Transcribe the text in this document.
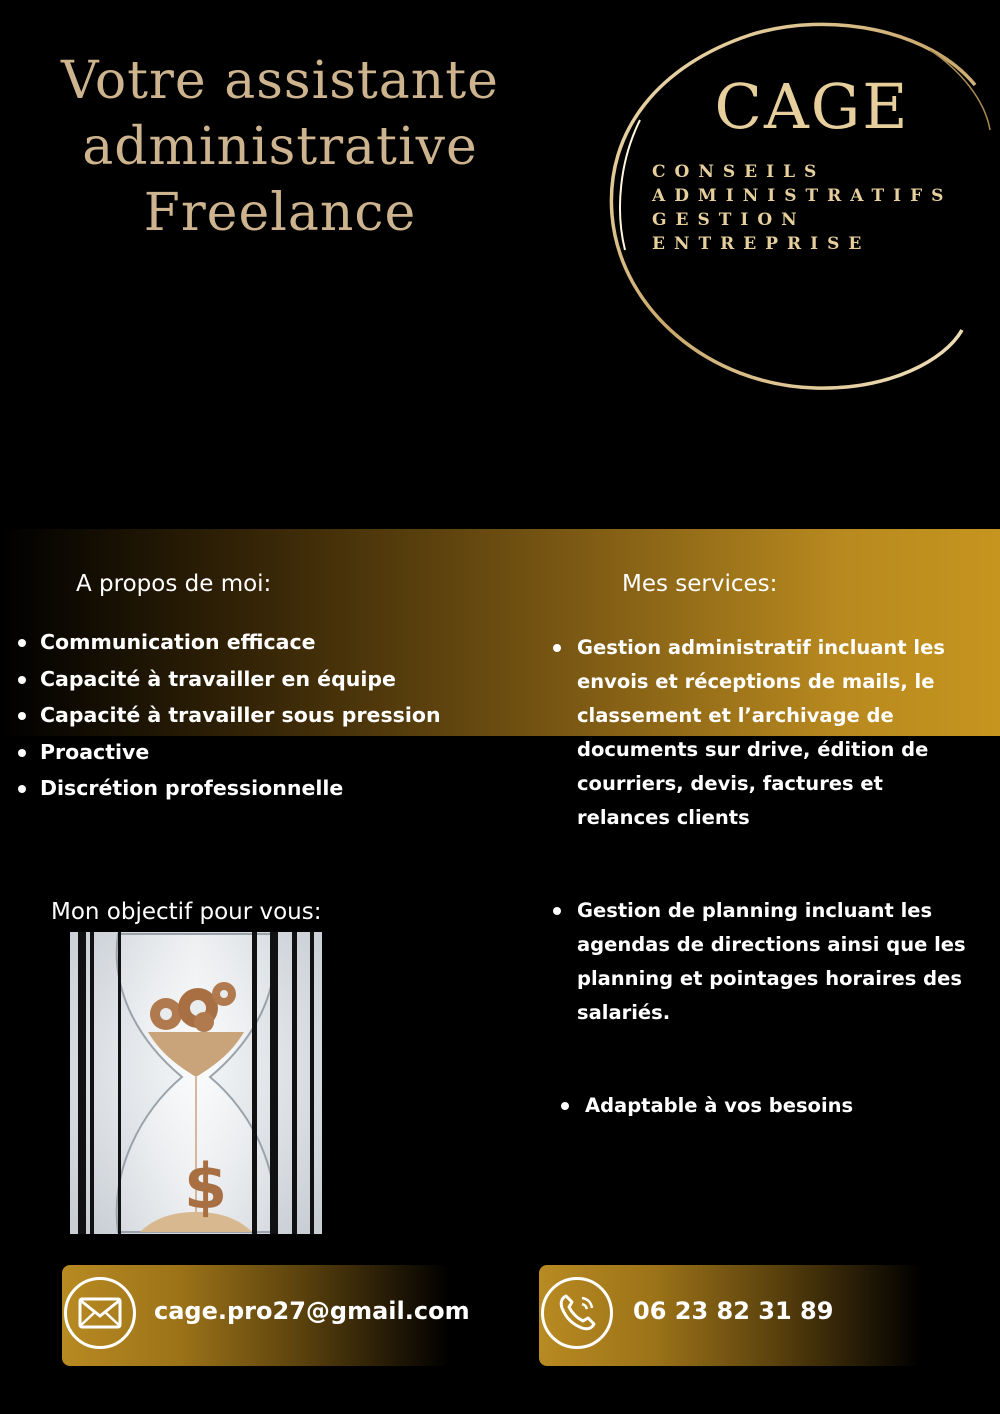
Votre assistante
administrative
Freelance
CAGE
CONSEILS
ADMINISTRATIFS
GESTION
ENTREPRISE
A propos de moi:
Communication efficace
Capacité à travailler en équipe
Capacité à travailler sous pression
Proactive
Discrétion professionnelle
Mes services:
Gestion administratif incluant les envois et réceptions de mails, le classement et l’archivage de documents sur drive, édition de courriers, devis, factures et relances clients
Gestion de planning incluant les agendas de directions ainsi que les planning et pointages horaires des salariés.
Adaptable à vos besoins
Mon objectif pour vous:
$
cage.pro27@gmail.com	06 23 82 31 89
